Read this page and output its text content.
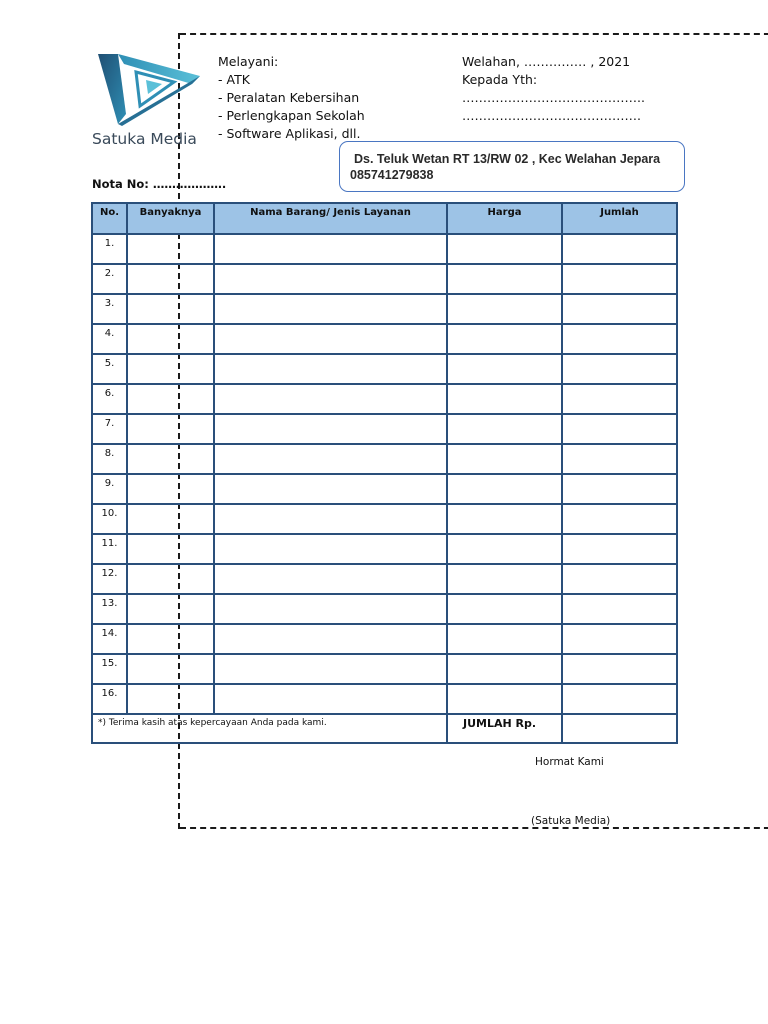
Satuka Media
Melayani:
- ATK
- Peralatan Kebersihan
- Perlengkapan Sekolah
- Software Aplikasi, dll.
Welahan, …………… , 2021
Kepada Yth:
……………………………………..
…………………………………….
Ds. Teluk Wetan RT 13/RW 02 , Kec Welahan Jepara
085741279838
Nota No: ……………….
No.	Banyaknya	Nama Barang/ Jenis Layanan	Harga	Jumlah
1.				
2.				
3.				
4.				
5.				
6.				
7.				
8.				
9.				
10.				
11.				
12.				
13.				
14.				
15.				
16.				

*) Terima kasih atas kepercayaan Anda pada kami.			JUMLAH Rp.	

Hormat Kami
(Satuka Media)
